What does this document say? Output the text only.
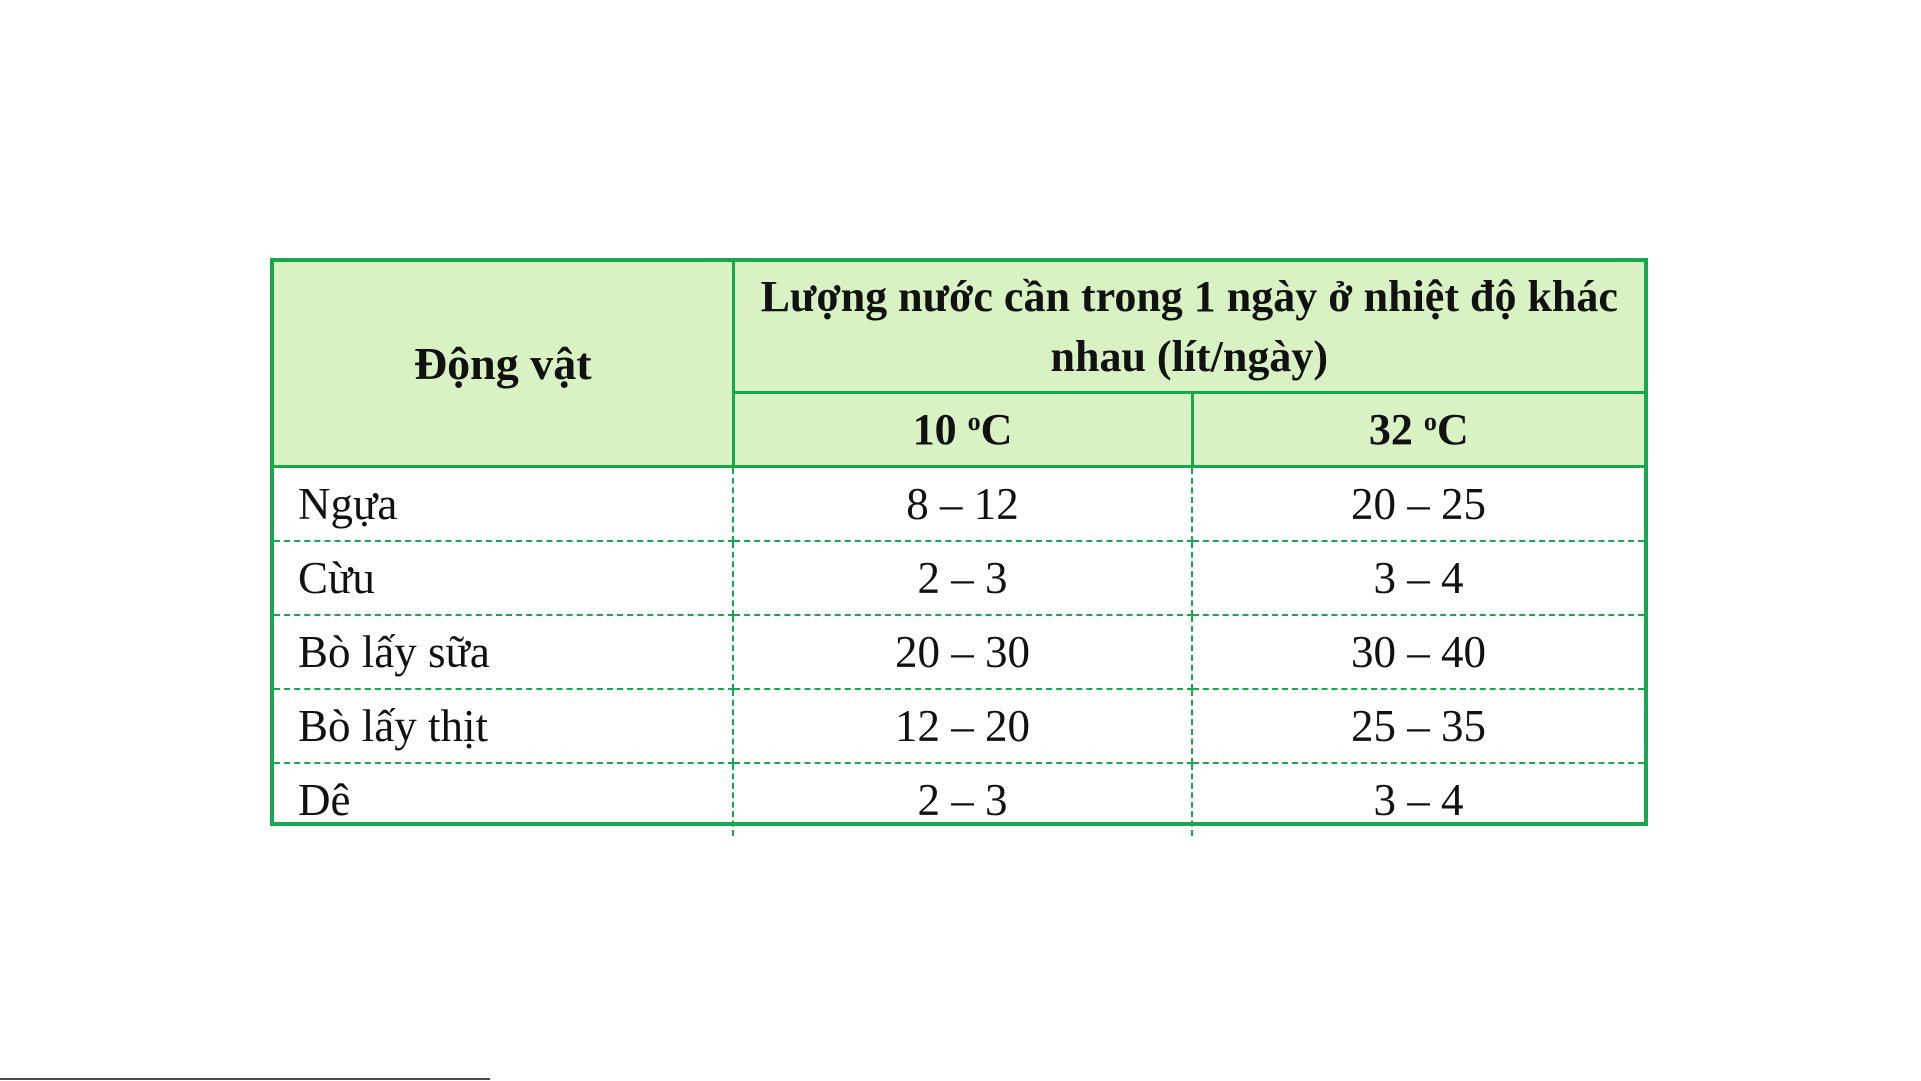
Động vật	Lượng nước cần trong 1 ngày ở nhiệt độ khác nhau (lít/ngày)	
	10 $^o$C	32 $^o$C
Ngựa	8 – 12	20 – 25
Cừu	2 – 3	3 – 4
Bò lấy sữa	20 – 30	30 – 40
Bò lấy thịt	12 – 20	25 – 35
Dê	2 – 3	3 – 4
